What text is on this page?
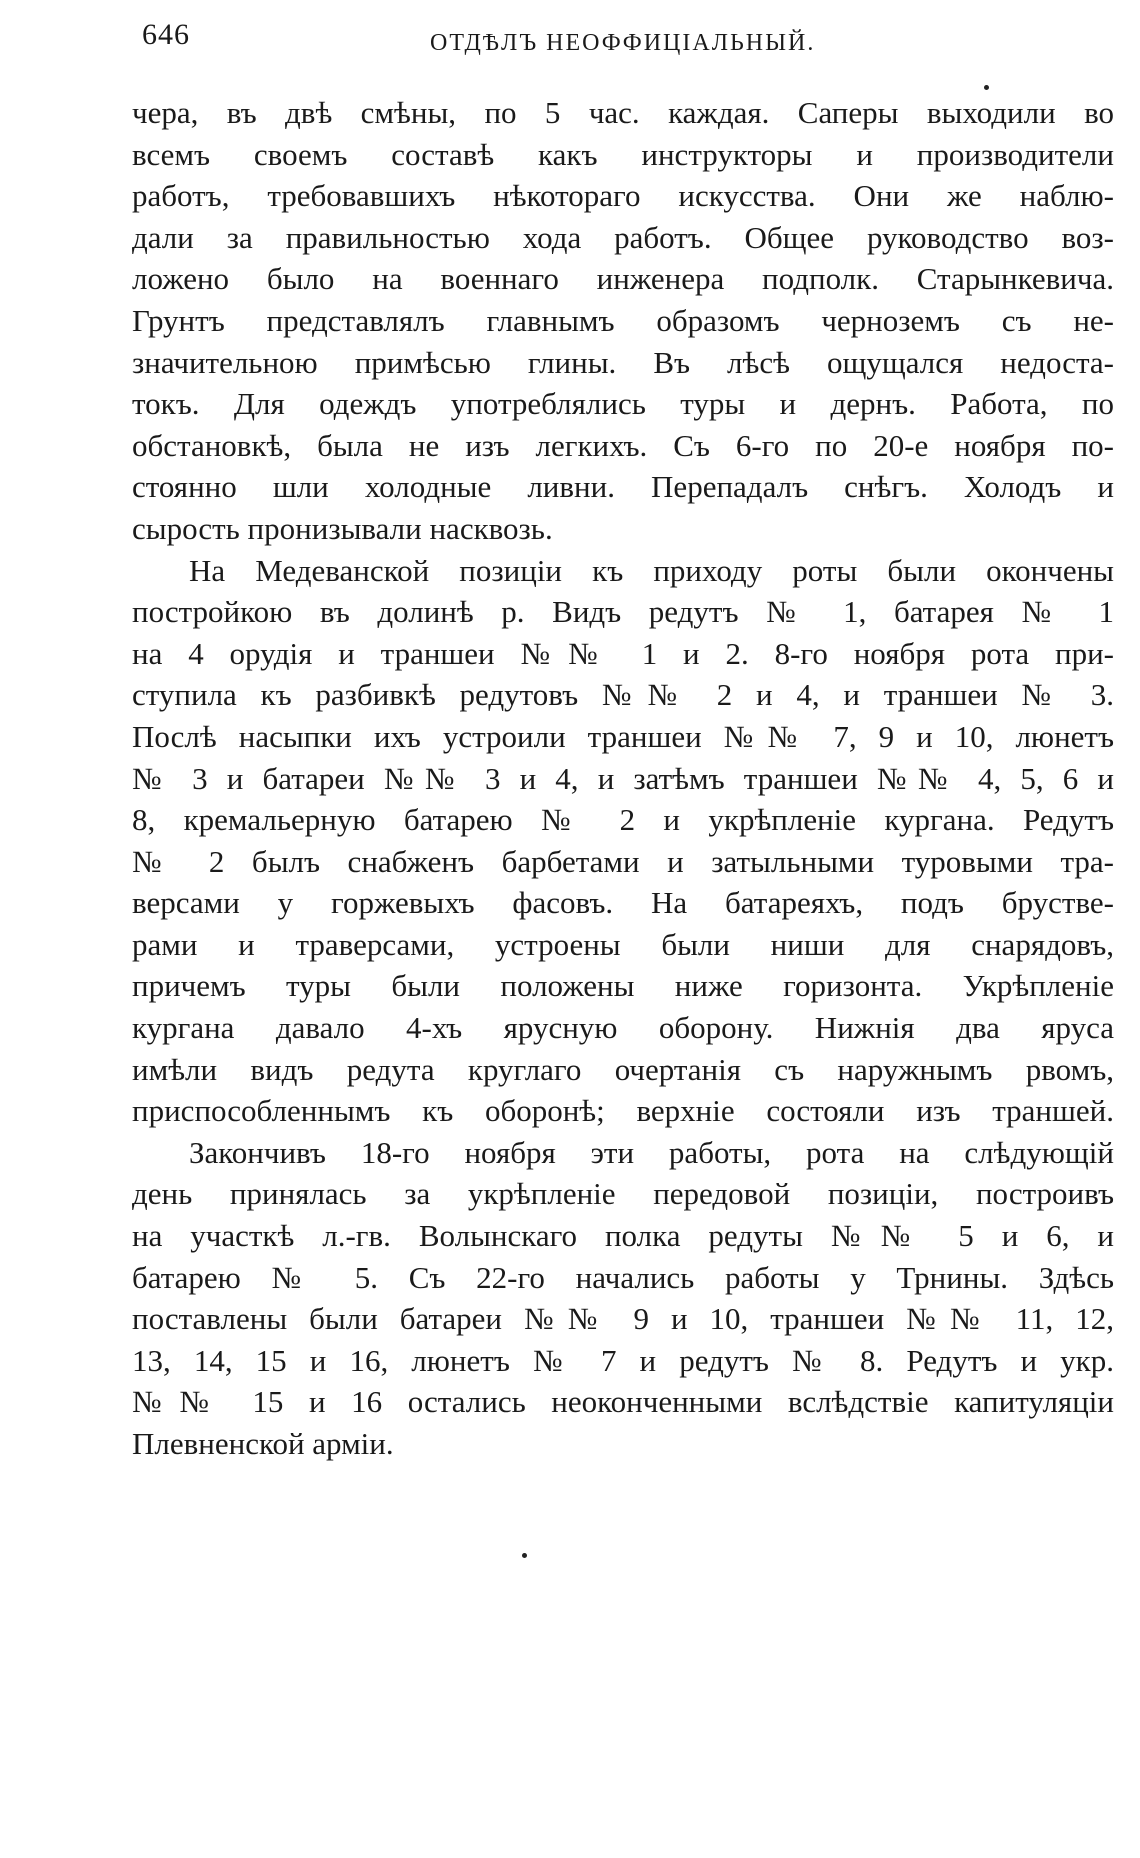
646	ОТДѢЛЪ НЕОФФИЦІАЛЬНЫЙ.
чера, въ двѣ смѣны, по 5 час. каждая. Саперы выходили во
всемъ своемъ составѣ какъ инструкторы и производители
работъ, требовавшихъ нѣкотораго искусства. Они же наблю-
дали за правильностью хода работъ. Общее руководство воз-
ложено было на военнаго инженера подполк. Старынкевича.
Грунтъ представлялъ главнымъ образомъ черноземъ съ не-
значительною примѣсью глины. Въ лѣсѣ ощущался недоста-
токъ. Для одеждъ употреблялись туры и дернъ. Работа, по
обстановкѣ, была не изъ легкихъ. Съ 6-го по 20-е ноября по-
стоянно шли холодные ливни. Перепадалъ снѣгъ. Холодъ и
сырость пронизывали насквозь.
На Медеванской позиціи къ приходу роты были окончены
постройкою въ долинѣ р. Видъ редутъ № 1, батарея № 1
на 4 орудія и траншеи №№ 1 и 2. 8-го ноября рота при-
ступила къ разбивкѣ редутовъ №№ 2 и 4, и траншеи № 3.
Послѣ насыпки ихъ устроили траншеи №№ 7, 9 и 10, люнетъ
№ 3 и батареи №№ 3 и 4, и затѣмъ траншеи №№ 4, 5, 6 и
8, кремальерную батарею № 2 и укрѣпленіе кургана. Редутъ
№ 2 былъ снабженъ барбетами и затыльными туровыми тра-
версами у горжевыхъ фасовъ. На батареяхъ, подъ брустве-
рами и траверсами, устроены были ниши для снарядовъ,
причемъ туры были положены ниже горизонта. Укрѣпленіе
кургана давало 4-хъ ярусную оборону. Нижнія два яруса
имѣли видъ редута круглаго очертанія съ наружнымъ рвомъ,
приспособленнымъ къ оборонѣ; верхніе состояли изъ траншей.
Закончивъ 18-го ноября эти работы, рота на слѣдующій
день принялась за укрѣпленіе передовой позиціи, построивъ
на участкѣ л.-гв. Волынскаго полка редуты №№ 5 и 6, и
батарею № 5. Съ 22-го начались работы у Трнины. Здѣсь
поставлены были батареи №№ 9 и 10, траншеи №№ 11, 12,
13, 14, 15 и 16, люнетъ № 7 и редутъ № 8. Редутъ и укр.
№№ 15 и 16 остались неоконченными вслѣдствіе капитуляціи
Плевненской арміи.
